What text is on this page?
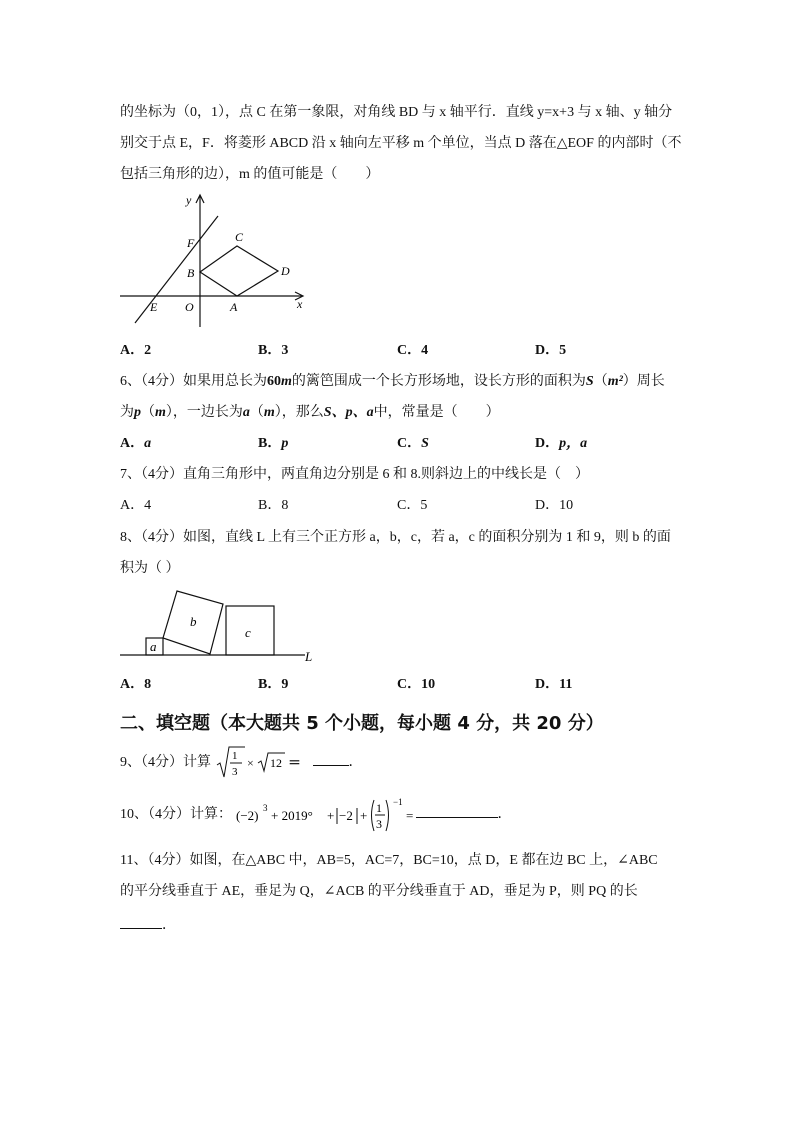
的坐标为（0，1），点 C 在第一象限，对角线 BD 与 x 轴平行．直线 y=x+3 与 x 轴、y 轴分
别交于点 E，F．将菱形 ABCD 沿 x 轴向左平移 m 个单位，当点 D 落在△EOF 的内部时（不
包括三角形的边），m 的值可能是（　　）
y
x
F	C
B	D
E O	A
A．2	B．3	C．4	D．5
6、（4分）如果用总长为60m的篱笆围成一个长方形场地，设长方形的面积为S（m²）周长
为p（m），一边长为a（m），那么S、p、a中，常量是（　　）
A．a	B．p	C．S	D．p，a
7、（4分）直角三角形中，两直角边分别是 6 和 8.则斜边上的中线长是（　）
A．4	B．8	C．5	D．10
8、（4分）如图，直线 L 上有三个正方形 a，b，c，若 a，c 的面积分别为 1 和 9，则 b 的面
积为（ ）
a
b
c
L
A．8	B．9	C．10	D．11
二、填空题（本大题共 5 个小题，每小题 4 分，共 20 分）
9、（4分）计算 1
3
× 12 ＝	．
10、（4分）计算： (−2) 3 + 2019° + −2 + 1
3
−1
=	．
11、（4分）如图，在△ABC 中，AB=5，AC=7，BC=10，点 D，E 都在边 BC 上，∠ABC
的平分线垂直于 AE，垂足为 Q，∠ACB 的平分线垂直于 AD，垂足为 P，则 PQ 的长
．
